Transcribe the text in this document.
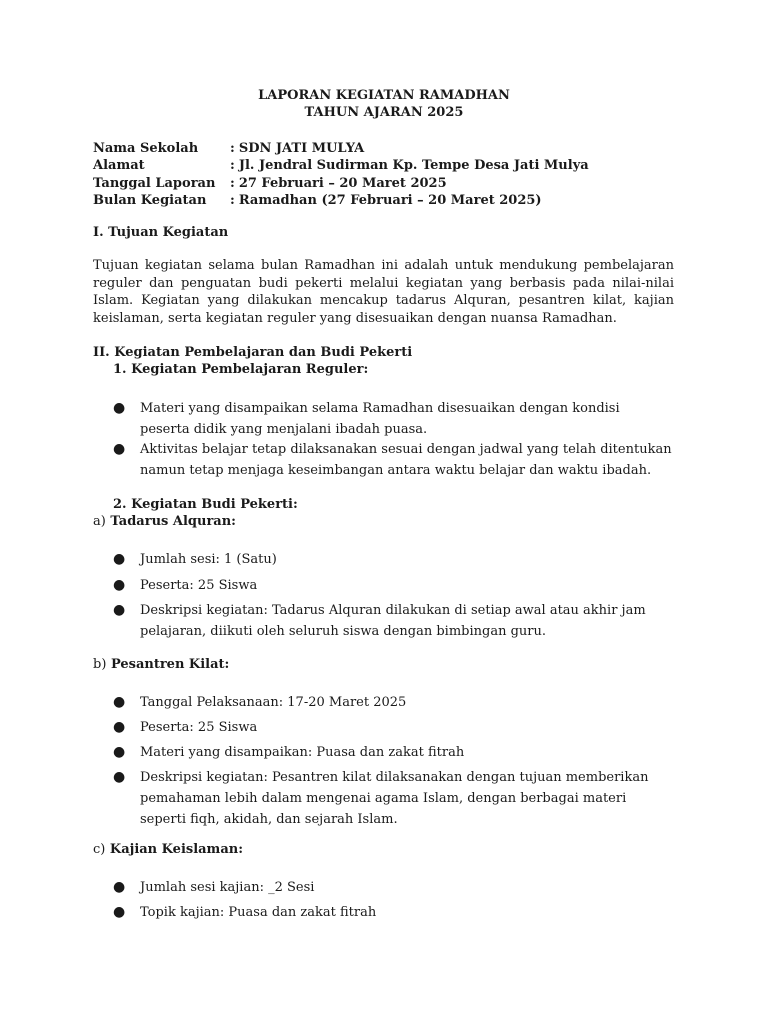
LAPORAN KEGIATAN RAMADHAN
TAHUN AJARAN 2025
Nama Sekolah : SDN JATI MULYA
Alamat	: Jl. Jendral Sudirman Kp. Tempe Desa Jati Mulya
Tanggal Laporan : 27 Februari – 20 Maret 2025
Bulan Kegiatan : Ramadhan (27 Februari – 20 Maret 2025)
I. Tujuan Kegiatan
Tujuan kegiatan selama bulan Ramadhan ini adalah untuk mendukung pembelajaran reguler dan penguatan budi pekerti melalui kegiatan yang berbasis pada nilai-nilai Islam. Kegiatan yang dilakukan mencakup tadarus Alquran, pesantren kilat, kajian keislaman, serta kegiatan reguler yang disesuaikan dengan nuansa Ramadhan.
II. Kegiatan Pembelajaran dan Budi Pekerti
1. Kegiatan Pembelajaran Reguler:
● Materi yang disampaikan selama Ramadhan disesuaikan dengan kondisi peserta didik yang menjalani ibadah puasa.
● Aktivitas belajar tetap dilaksanakan sesuai dengan jadwal yang telah ditentukan namun tetap menjaga keseimbangan antara waktu belajar dan waktu ibadah.
2. Kegiatan Budi Pekerti:
a) Tadarus Alquran:
● Jumlah sesi: 1 (Satu)
● Peserta: 25 Siswa
● Deskripsi kegiatan: Tadarus Alquran dilakukan di setiap awal atau akhir jam pelajaran, diikuti oleh seluruh siswa dengan bimbingan guru.
b) Pesantren Kilat:
● Tanggal Pelaksanaan: 17-20 Maret 2025
● Peserta: 25 Siswa
● Materi yang disampaikan: Puasa dan zakat fitrah
● Deskripsi kegiatan: Pesantren kilat dilaksanakan dengan tujuan memberikan pemahaman lebih dalam mengenai agama Islam, dengan berbagai materi seperti fiqh, akidah, dan sejarah Islam.
c) Kajian Keislaman:
● Jumlah sesi kajian: _2 Sesi
● Topik kajian: Puasa dan zakat fitrah
